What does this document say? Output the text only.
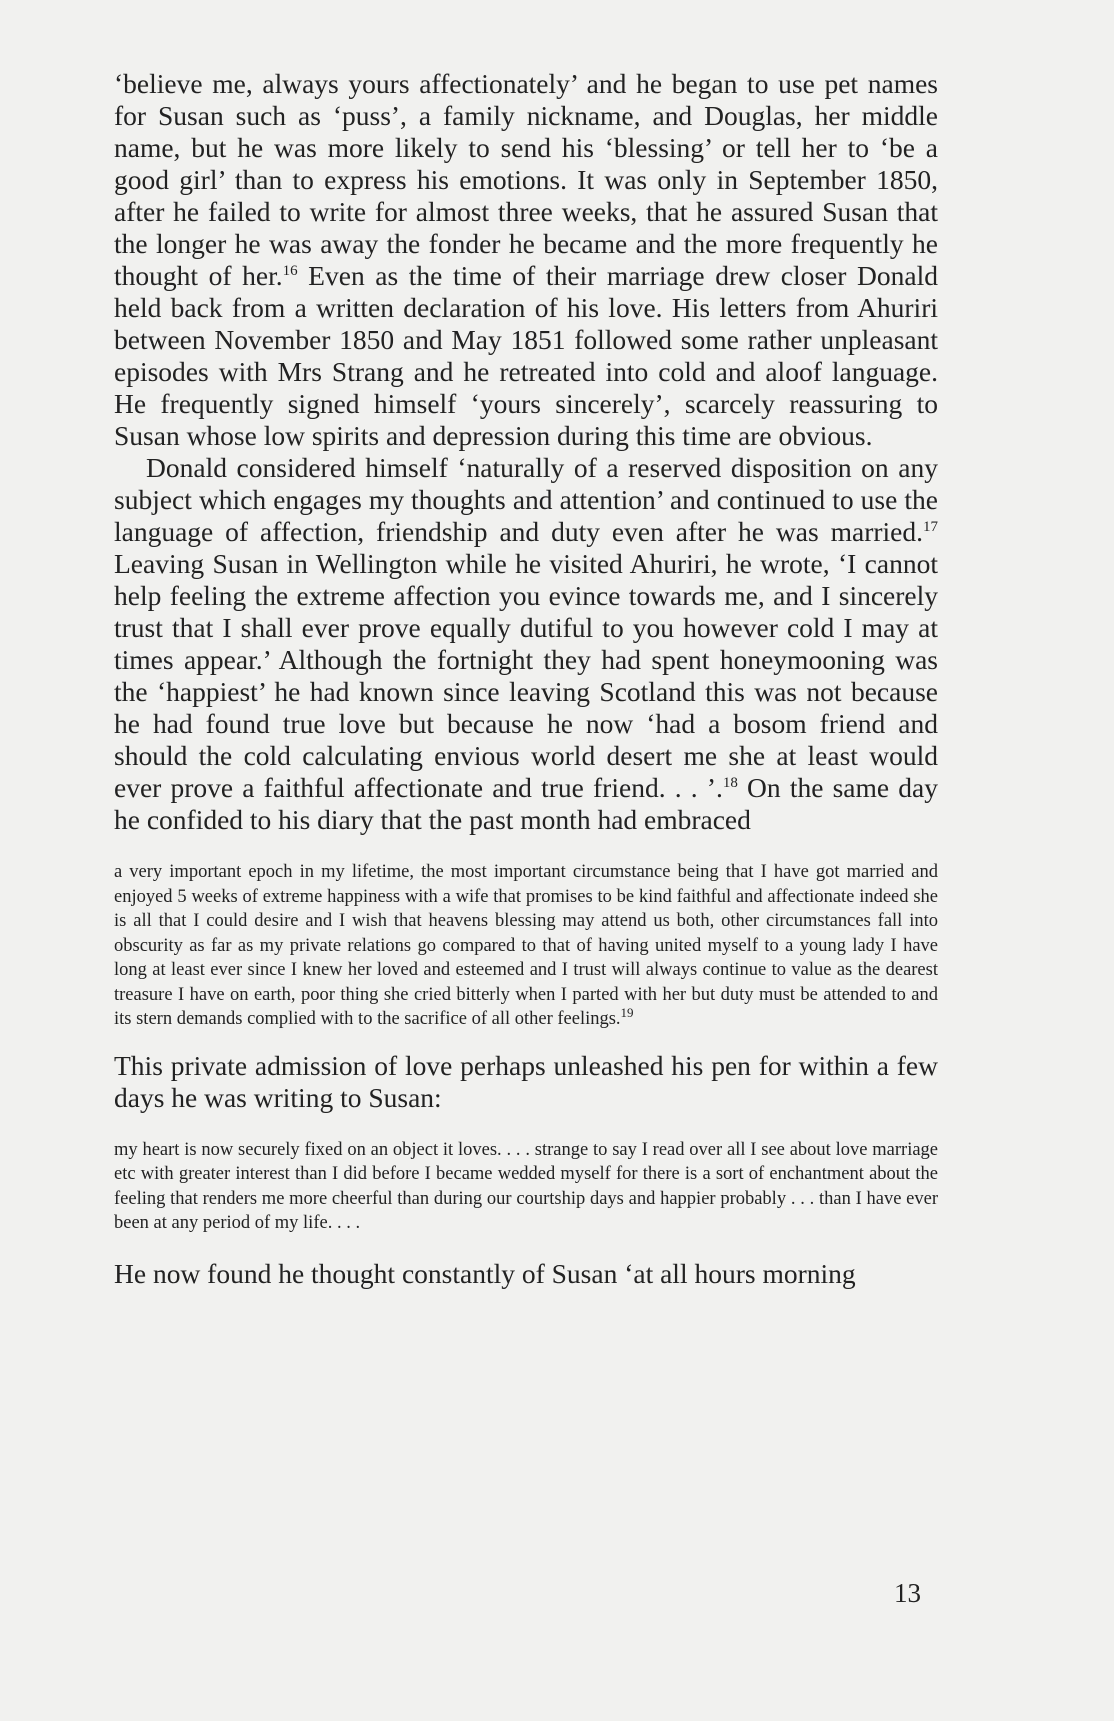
‘believe me, always yours affectionately’ and he began to use pet names for Susan such as ‘puss’, a family nickname, and Douglas, her middle name, but he was more likely to send his ‘blessing’ or tell her to ‘be a good girl’ than to express his emotions. It was only in September 1850, after he failed to write for almost three weeks, that he assured Susan that the longer he was away the fonder he became and the more frequently he thought of her.$^{16}$ Even as the time of their marriage drew closer Donald held back from a written declaration of his love. His letters from Ahuriri between November 1850 and May 1851 followed some rather unpleasant episodes with Mrs Strang and he retreated into cold and aloof language. He frequently signed himself ‘yours sincerely’, scarcely reassuring to Susan whose low spirits and depression during this time are obvious.

Donald considered himself ‘naturally of a reserved disposition on any subject which engages my thoughts and attention’ and continued to use the language of affection, friendship and duty even after he was married.$^{17}$ Leaving Susan in Wellington while he visited Ahuriri, he wrote, ‘I cannot help feeling the extreme affection you evince towards me, and I sincerely trust that I shall ever prove equally dutiful to you however cold I may at times appear.’ Although the fortnight they had spent honeymooning was the ‘happiest’ he had known since leaving Scotland this was not because he had found true love but because he now ‘had a bosom friend and should the cold calculating envious world desert me she at least would ever prove a faithful affectionate and true friend. . . ’.$^{18}$ On the same day he confided to his diary that the past month had embraced

a very important epoch in my lifetime, the most important circumstance being that I have got married and enjoyed 5 weeks of extreme happiness with a wife that promises to be kind faithful and affectionate indeed she is all that I could desire and I wish that heavens blessing may attend us both, other circumstances fall into obscurity as far as my private relations go compared to that of having united myself to a young lady I have long at least ever since I knew her loved and esteemed and I trust will always continue to value as the dearest treasure I have on earth, poor thing she cried bitterly when I parted with her but duty must be attended to and its stern demands complied with to the sacrifice of all other feelings.$^{19}$

This private admission of love perhaps unleashed his pen for within a few days he was writing to Susan:

my heart is now securely fixed on an object it loves. . . . strange to say I read over all I see about love marriage etc with greater interest than I did before I became wedded myself for there is a sort of enchantment about the feeling that renders me more cheerful than during our courtship days and happier probably . . . than I have ever been at any period of my life. . . .

He now found he thought constantly of Susan ‘at all hours morning

13
